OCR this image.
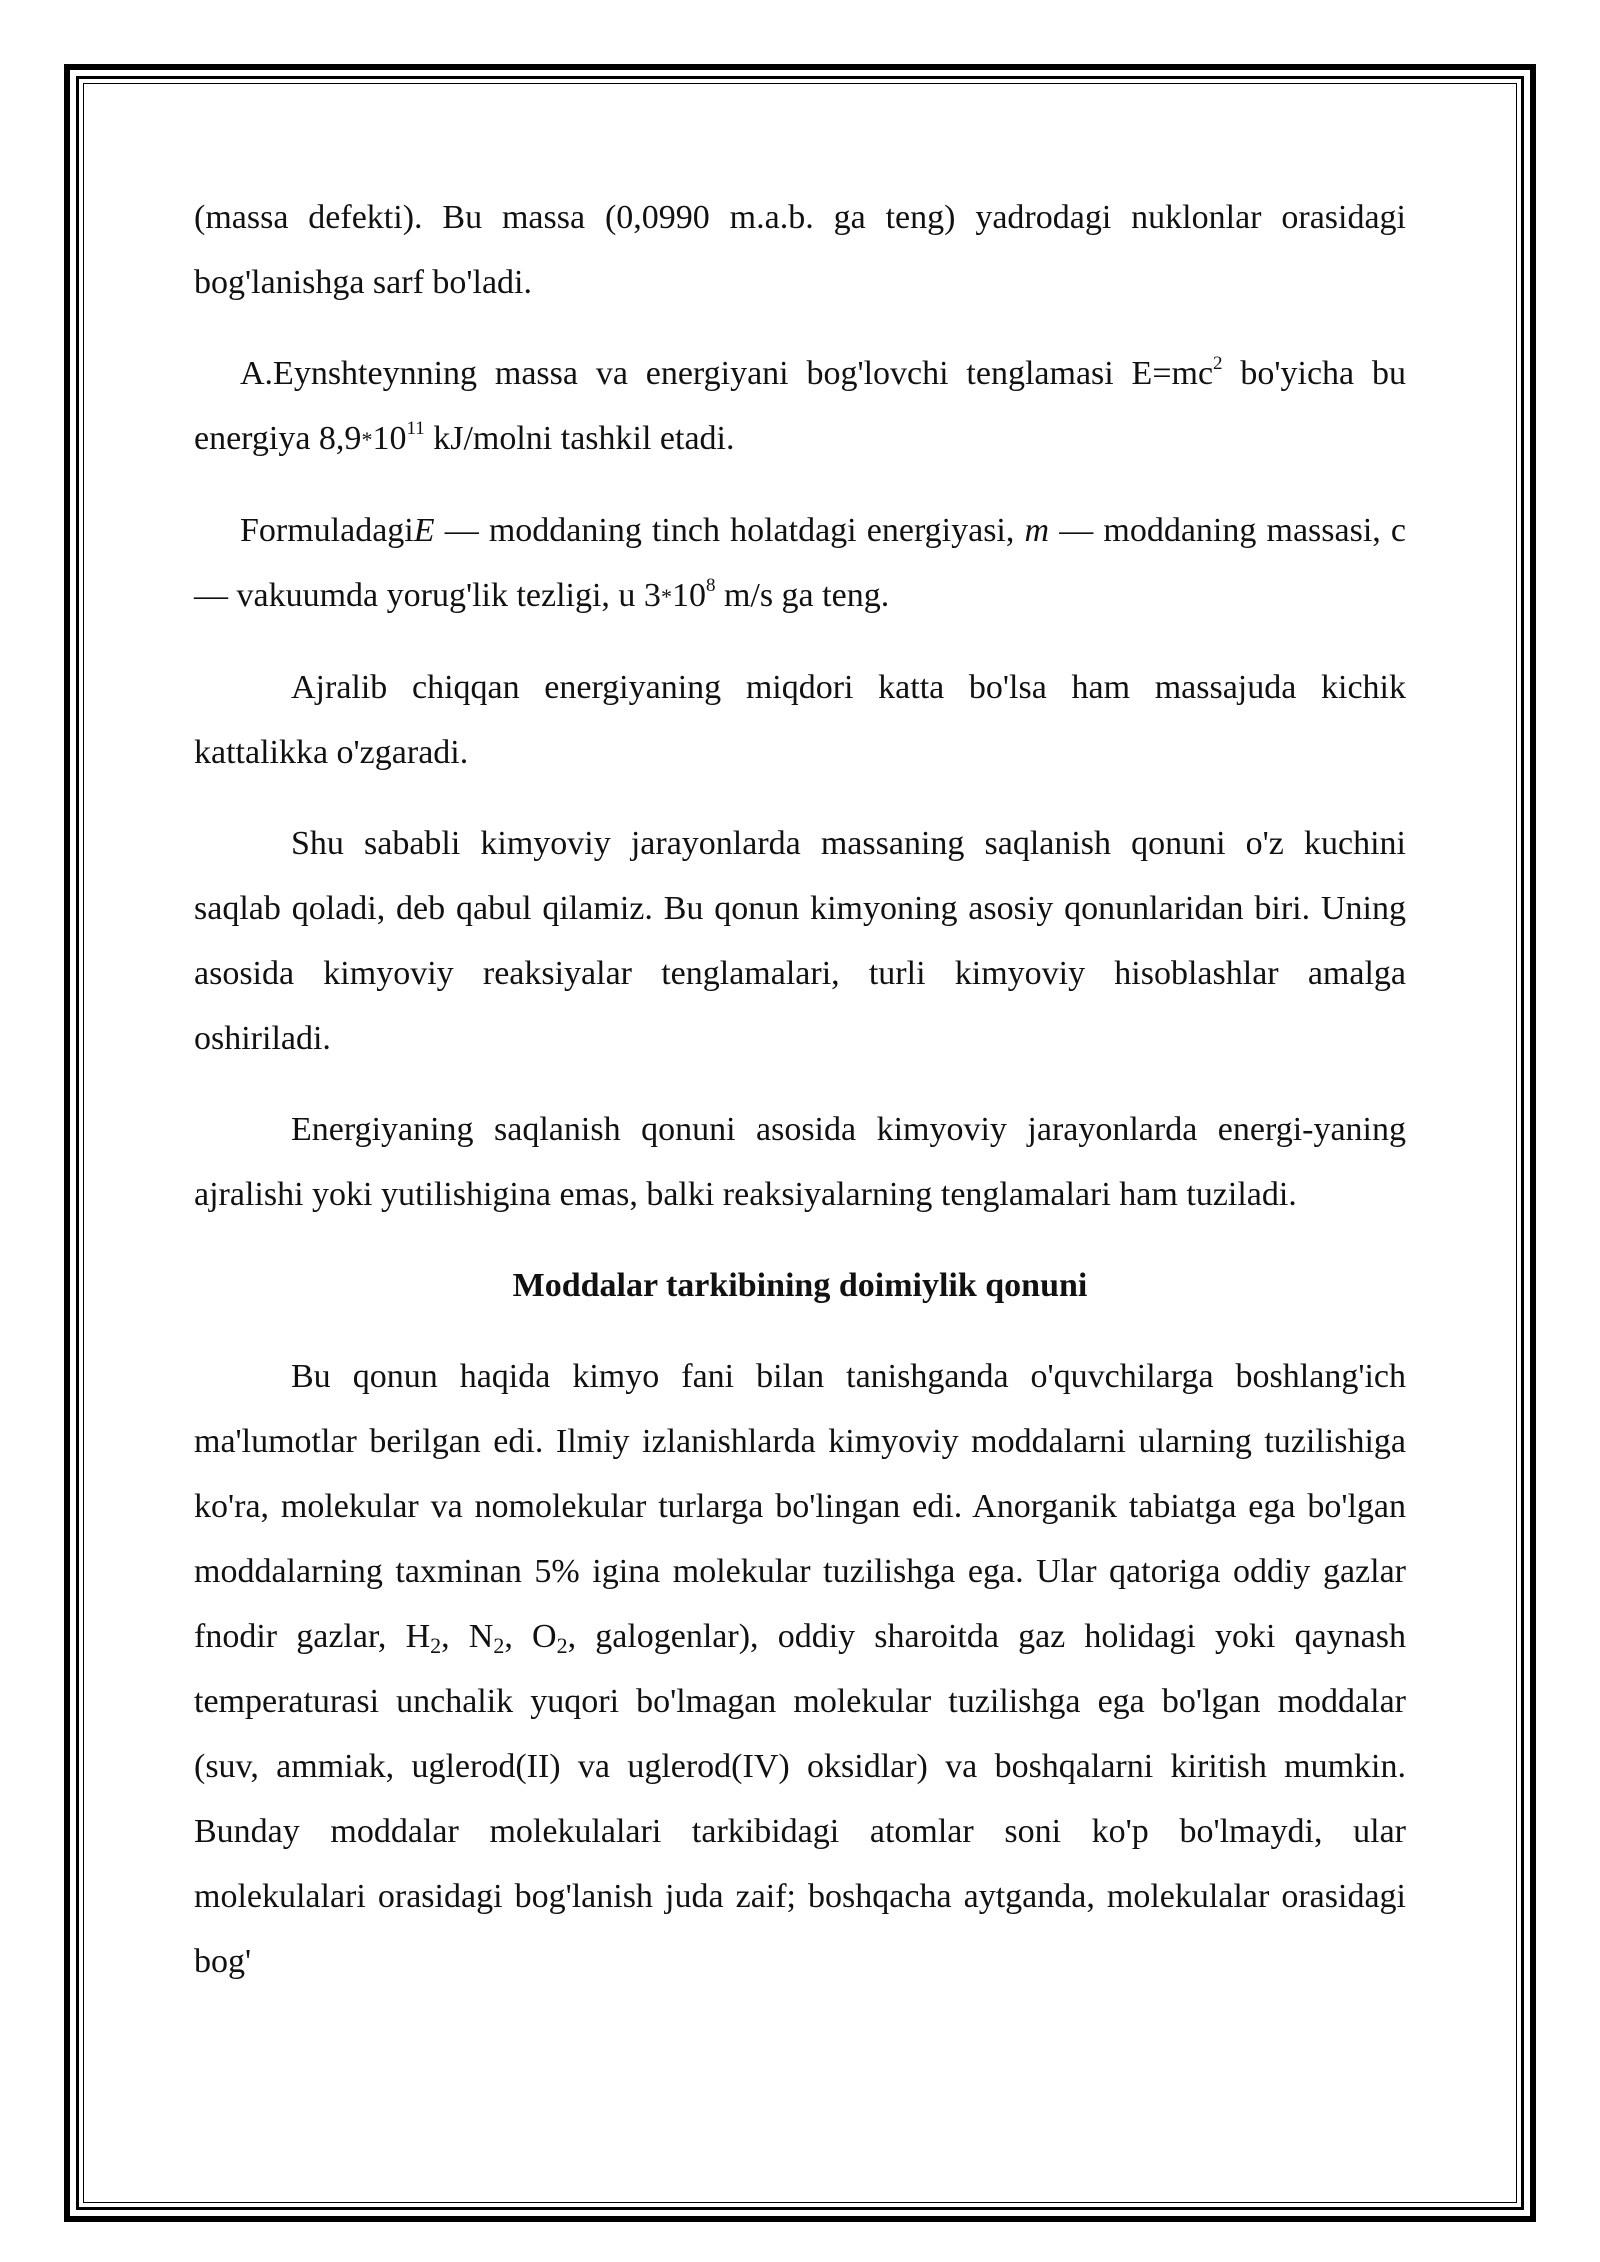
(massa defekti). Bu massa (0,0990 m.a.b. ga teng) yadrodagi nuklonlar orasidagi bog'lanishga sarf bo'ladi.

A.Eynshteynning massa va energiyani bog'lovchi tenglamasi $E=mc^2$ bo'yicha bu energiya $8,9*10^{11}$ kJ/molni tashkil etadi.

FormuladagiE — moddaning tinch holatdagi energiyasi, m — moddaning massasi, c— vakuumda yorug'lik tezligi, u $3*10^8$ m/s ga teng.

Ajralib chiqqan energiyaning miqdori katta bo'lsa ham massajuda kichik kattalikka o'zgaradi.

Shu sababli kimyoviy jarayonlarda massaning saqlanish qonuni o'z kuchini saqlab qoladi, deb qabul qilamiz. Bu qonun kimyoning asosiy qonunlaridan biri. Uning asosida kimyoviy reaksiyalar tenglamalari, turli kimyoviy hisoblashlar amalga oshiriladi.

Energiyaning saqlanish qonuni asosida kimyoviy jarayonlarda energi-yaning ajralishi yoki yutilishigina emas, balki reaksiyalarning tenglamalari ham tuziladi.

Moddalar tarkibining doimiylik qonuni

Bu qonun haqida kimyo fani bilan tanishganda o'quvchilarga boshlang'ich ma'lumotlar berilgan edi. Ilmiy izlanishlarda kimyoviy moddalarni ularning tuzilishiga ko'ra, molekular va nomolekular turlarga bo'lingan edi. Anorganik tabiatga ega bo'lgan moddalarning taxminan 5% igina molekular tuzilishga ega. Ular qatoriga oddiy gazlar fnodir gazlar, $H_2$, $N_2$, $O_2$, galogenlar), oddiy sharoitda gaz holidagi yoki qaynash temperaturasi unchalik yuqori bo'lmagan molekular tuzilishga ega bo'lgan moddalar (suv, ammiak, uglerod(II) va uglerod(IV) oksidlar) va boshqalarni kiritish mumkin. Bunday moddalar molekulalari tarkibidagi atomlar soni ko'p bo'lmaydi, ular molekulalari orasidagi bog'lanish juda zaif; boshqacha aytganda, molekulalar orasidagi bog'
